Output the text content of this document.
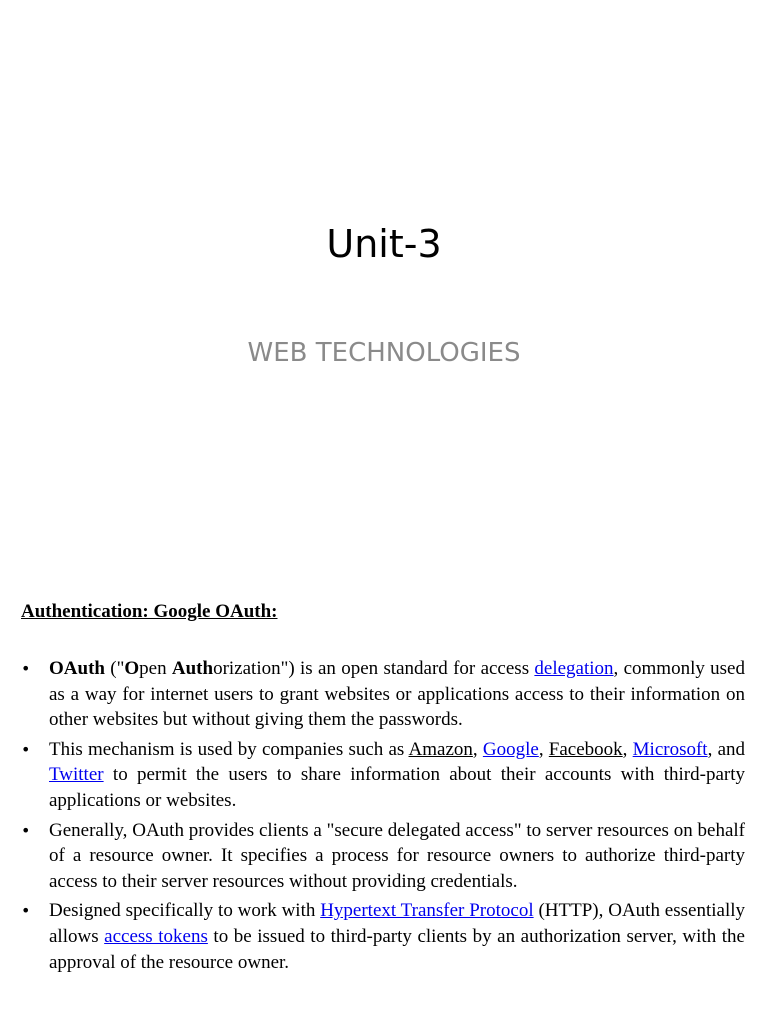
Unit-3
WEB TECHNOLOGIES
Authentication: Google OAuth:
• OAuth ("Open Authorization") is an open standard for access delegation, commonly used as a way for internet users to grant websites or applications access to their information on other websites but without giving them the passwords.
• This mechanism is used by companies such as Amazon, Google, Facebook, Microsoft, and Twitter to permit the users to share information about their accounts with third-party applications or websites.
• Generally, OAuth provides clients a "secure delegated access" to server resources on behalf of a resource owner. It specifies a process for resource owners to authorize third-party access to their server resources without providing credentials.
• Designed specifically to work with Hypertext Transfer Protocol (HTTP), OAuth essentially allows access tokens to be issued to third-party clients by an authorization server, with the approval of the resource owner.
